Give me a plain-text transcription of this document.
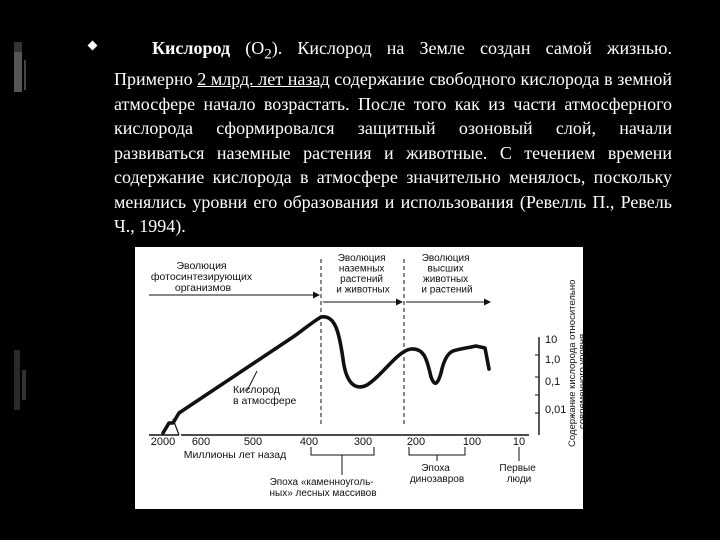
Кислород $(O_2)$. Кислород на Земле создан самой жизнью. Примерно 2 млрд. лет назад содержание свободного кислорода в земной атмосфере начало возрастать. После того как из части атмосферного кислорода сформировался защитный озоновый слой, начали развиваться наземные растения и животные. С течением времени содержание кислорода в атмосфере значительно менялось, поскольку менялись уровни его образования и использования (Ревелль П., Ревель Ч., 1994).
Эволюция фотосинтезирующих организмов
Эволюция наземных растений и животных
Эволюция высших животных и растений
Кислород в атмосфере
2000 600	500	400	300	200	100	10
Миллионы лет назад
10
1,0
0,1
0,01 Содержание кислорода относительно современного уровня
Эпоха «каменноуголь- ных» лесных массивов
Эпоха динозавров
Первые люди
